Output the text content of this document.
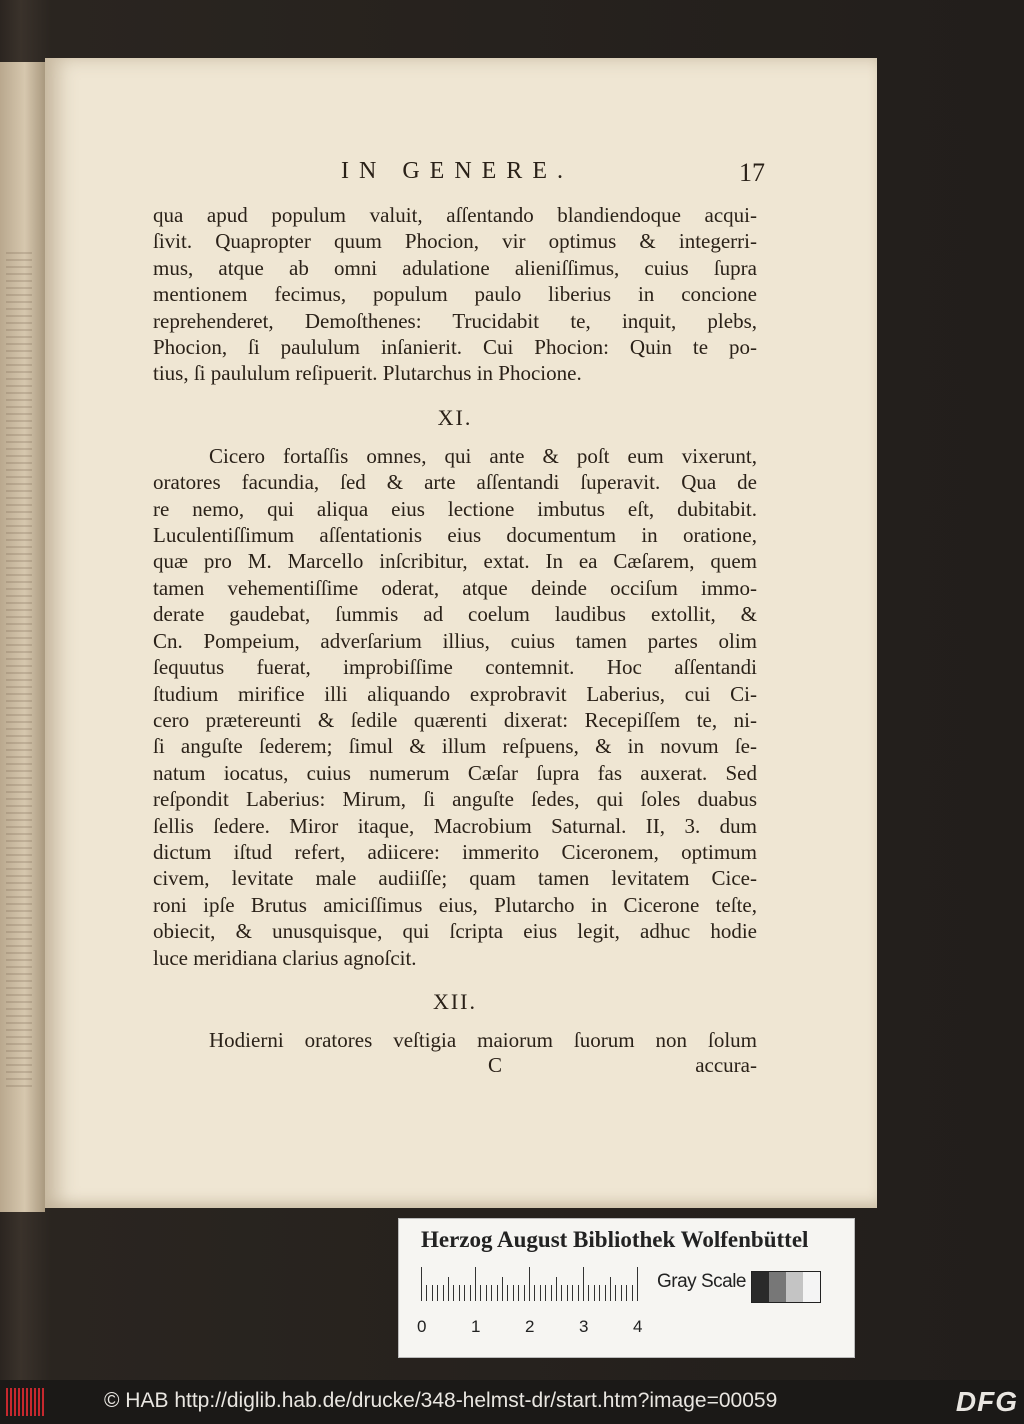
IN GENERE.	17
qua apud populum valuit, aſſentando blandiendoque acqui-
ſivit. Quapropter quum Phocion, vir optimus & integerri-
mus, atque ab omni adulatione alieniſſimus, cuius ſupra
mentionem fecimus, populum paulo liberius in concione
reprehenderet, Demoſthenes: Trucidabit te, inquit, plebs,
Phocion, ſi paululum inſanierit. Cui Phocion: Quin te po-
tius, ſi paululum reſipuerit. Plutarchus in Phocione.
XI.
Cicero fortaſſis omnes, qui ante & poſt eum vixerunt,
oratores facundia, ſed & arte aſſentandi ſuperavit. Qua de
re nemo, qui aliqua eius lectione imbutus eſt, dubitabit.
Luculentiſſimum aſſentationis eius documentum in oratione,
quæ pro M. Marcello inſcribitur, extat. In ea Cæſarem, quem
tamen vehementiſſime oderat, atque deinde occiſum immo-
derate gaudebat, ſummis ad coelum laudibus extollit, &
Cn. Pompeium, adverſarium illius, cuius tamen partes olim
ſequutus fuerat, improbiſſime contemnit. Hoc aſſentandi
ſtudium mirifice illi aliquando exprobravit Laberius, cui Ci-
cero prætereunti & ſedile quærenti dixerat: Recepiſſem te, ni-
ſi anguſte ſederem; ſimul & illum reſpuens, & in novum ſe-
natum iocatus, cuius numerum Cæſar ſupra fas auxerat. Sed
reſpondit Laberius: Mirum, ſi anguſte ſedes, qui ſoles duabus
ſellis ſedere. Miror itaque, Macrobium Saturnal. II, 3. dum
dictum iſtud refert, adiicere: immerito Ciceronem, optimum
civem, levitate male audiiſſe; quam tamen levitatem Cice-
roni ipſe Brutus amiciſſimus eius, Plutarcho in Cicerone teſte,
obiecit, & unusquisque, qui ſcripta eius legit, adhuc hodie
luce meridiana clarius agnoſcit.
XII.
Hodierni oratores veſtigia maiorum ſuorum non ſolum
C	accura-
Herzog August Bibliothek Wolfenbüttel
0	1	2	3	4
Gray Scale
© HAB http://diglib.hab.de/drucke/348-helmst-dr/start.htm?image=00059	DFG
